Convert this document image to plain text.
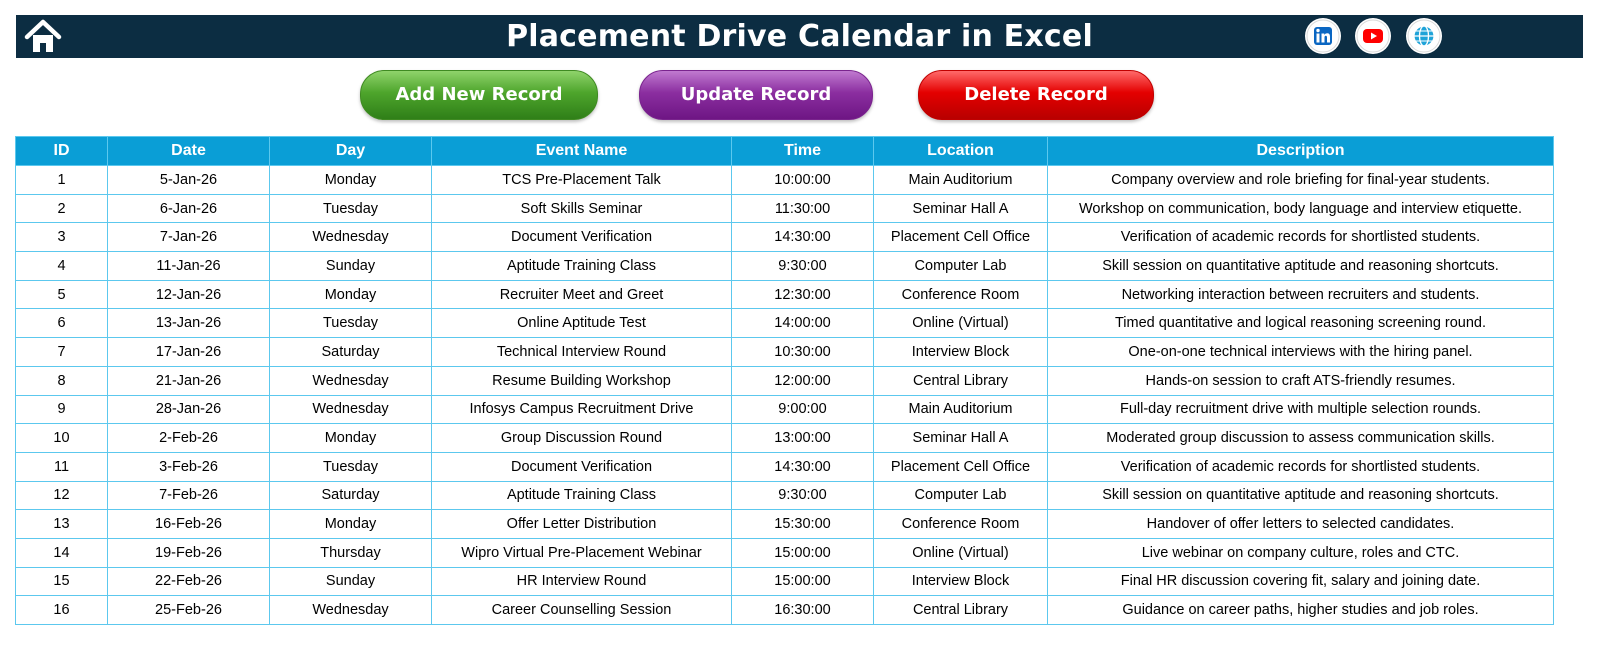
Placement Drive Calendar in Excel
Add New Record	Update Record	Delete Record
ID	Date	Day	Event Name	Time	Location	Description
1	5-Jan-26	Monday	TCS Pre-Placement Talk	10:00:00	Main Auditorium	Company overview and role briefing for final-year students.
2	6-Jan-26	Tuesday	Soft Skills Seminar	11:30:00	Seminar Hall A	Workshop on communication, body language and interview etiquette.
3	7-Jan-26	Wednesday	Document Verification	14:30:00	Placement Cell Office	Verification of academic records for shortlisted students.
4	11-Jan-26	Sunday	Aptitude Training Class	9:30:00	Computer Lab	Skill session on quantitative aptitude and reasoning shortcuts.
5	12-Jan-26	Monday	Recruiter Meet and Greet	12:30:00	Conference Room	Networking interaction between recruiters and students.
6	13-Jan-26	Tuesday	Online Aptitude Test	14:00:00	Online (Virtual)	Timed quantitative and logical reasoning screening round.
7	17-Jan-26	Saturday	Technical Interview Round	10:30:00	Interview Block	One-on-one technical interviews with the hiring panel.
8	21-Jan-26	Wednesday	Resume Building Workshop	12:00:00	Central Library	Hands-on session to craft ATS-friendly resumes.
9	28-Jan-26	Wednesday	Infosys Campus Recruitment Drive	9:00:00	Main Auditorium	Full-day recruitment drive with multiple selection rounds.
10	2-Feb-26	Monday	Group Discussion Round	13:00:00	Seminar Hall A	Moderated group discussion to assess communication skills.
11	3-Feb-26	Tuesday	Document Verification	14:30:00	Placement Cell Office	Verification of academic records for shortlisted students.
12	7-Feb-26	Saturday	Aptitude Training Class	9:30:00	Computer Lab	Skill session on quantitative aptitude and reasoning shortcuts.
13	16-Feb-26	Monday	Offer Letter Distribution	15:30:00	Conference Room	Handover of offer letters to selected candidates.
14	19-Feb-26	Thursday	Wipro Virtual Pre-Placement Webinar	15:00:00	Online (Virtual)	Live webinar on company culture, roles and CTC.
15	22-Feb-26	Sunday	HR Interview Round	15:00:00	Interview Block	Final HR discussion covering fit, salary and joining date.
16	25-Feb-26	Wednesday	Career Counselling Session	16:30:00	Central Library	Guidance on career paths, higher studies and job roles.
